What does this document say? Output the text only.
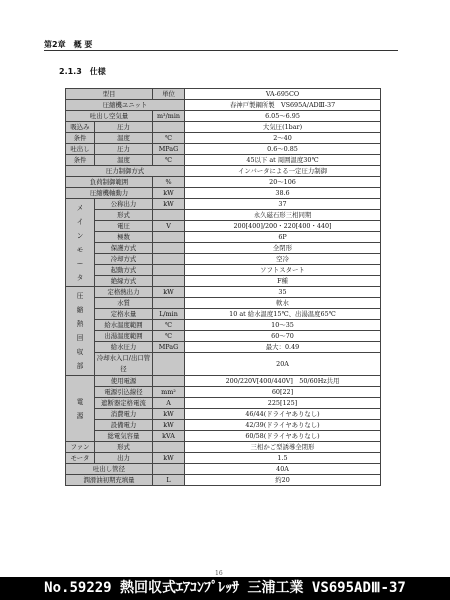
第2章　概 要
2.1.3　仕様
型目		単位	VA-695CO
圧縮機ユニット			春神戸製鋼所製　VS695A/ADⅢ-37
吐出し空気量		m³/min	6.05～6.95
吸込み	圧力		大気圧(1bar)
条件	温度	℃	2～40
吐出し	圧力	MPaG	0.6～0.85
条件	温度	℃	45以下 at 周囲温度30℃
圧力制御方式			インバータによる一定圧力制御
負荷制御範囲		%	20～106
圧縮機軸動力		kW	38.6
メインモータ	公称出力	kW	37
	形式		永久磁石形三相同期
	電圧	V	200[400]/200・220[400・440]
	極数		6P
	保護方式		全閉形
	冷却方式		空冷
	起動方式		ソフトスタート
	絶縁方式		F種
圧縮熱回収部	定格熱出力	kW	35
	水質		軟水
	定格水量	L/min	10 at 給水温度15℃、出湯温度65℃
	給水温度範囲	℃	10～35
	出湯温度範囲	℃	60～70
	給水圧力	MPaG	最大：0.49

	冷却水入口/出口管径		20A
電源	使用電源		200/220V[400/440V]　50/60Hz共用
	電源引込線径	mm²	60[22]
	遮断器定格電流	A	225[125]
	消費電力	kW	46/44(ドライヤありなし)
	設備電力	kW	42/39(ドライヤありなし)
	総電気容量	kVA	60/58(ドライヤありなし)
ファン	形式		三相かご型誘導全閉形
モータ	出力	kW	1.5
吐出し管径			40A
潤滑油初期充填量		L	約20
16
No.59229 熱回収式ｴｱｺﾝﾌﾟﾚｯｻ 三浦工業 VS695ADⅢ-37
